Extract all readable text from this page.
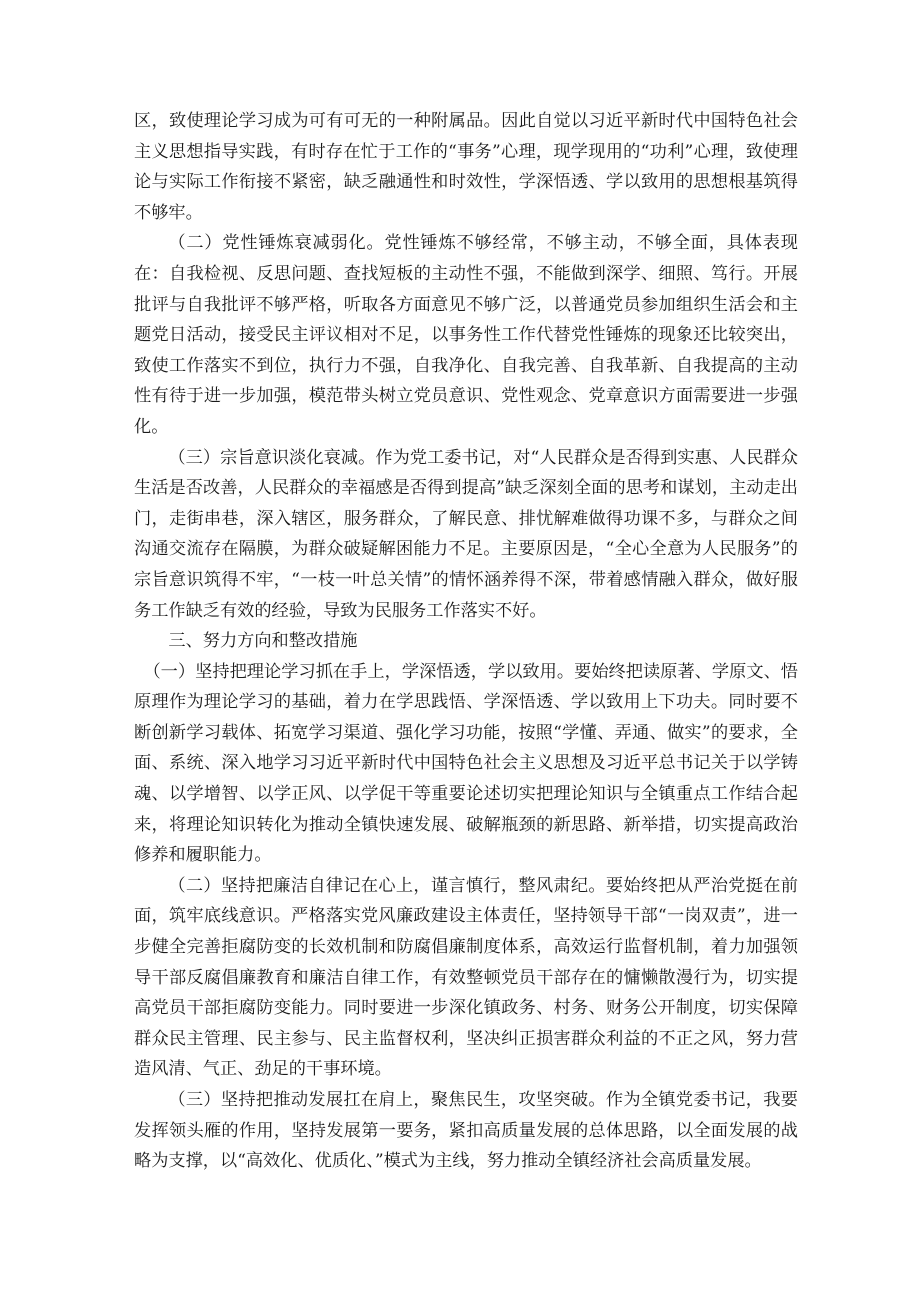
区，致使理论学习成为可有可无的一种附属品。因此自觉以习近平新时代中国特色社会主义思想指导实践，有时存在忙于工作的“事务”心理，现学现用的“功利”心理，致使理论与实际工作衔接不紧密，缺乏融通性和时效性，学深悟透、学以致用的思想根基筑得不够牢。

（二）党性锤炼衰减弱化。党性锤炼不够经常，不够主动，不够全面，具体表现在：自我检视、反思问题、查找短板的主动性不强，不能做到深学、细照、笃行。开展批评与自我批评不够严格，听取各方面意见不够广泛，以普通党员参加组织生活会和主题党日活动，接受民主评议相对不足，以事务性工作代替党性锤炼的现象还比较突出，致使工作落实不到位，执行力不强，自我净化、自我完善、自我革新、自我提高的主动性有待于进一步加强，模范带头树立党员意识、党性观念、党章意识方面需要进一步强化。

（三）宗旨意识淡化衰减。作为党工委书记，对“人民群众是否得到实惠、人民群众生活是否改善，人民群众的幸福感是否得到提高”缺乏深刻全面的思考和谋划，主动走出门，走街串巷，深入辖区，服务群众，了解民意、排忧解难做得功课不多，与群众之间沟通交流存在隔膜，为群众破疑解困能力不足。主要原因是，“全心全意为人民服务”的宗旨意识筑得不牢，“一枝一叶总关情”的情怀涵养得不深，带着感情融入群众，做好服务工作缺乏有效的经验，导致为民服务工作落实不好。

三、努力方向和整改措施

（一）坚持把理论学习抓在手上，学深悟透，学以致用。要始终把读原著、学原文、悟原理作为理论学习的基础，着力在学思践悟、学深悟透、学以致用上下功夫。同时要不断创新学习载体、拓宽学习渠道、强化学习功能，按照“学懂、弄通、做实”的要求，全面、系统、深入地学习习近平新时代中国特色社会主义思想及习近平总书记关于以学铸魂、以学增智、以学正风、以学促干等重要论述切实把理论知识与全镇重点工作结合起来，将理论知识转化为推动全镇快速发展、破解瓶颈的新思路、新举措，切实提高政治修养和履职能力。

（二）坚持把廉洁自律记在心上，谨言慎行，整风肃纪。要始终把从严治党挺在前面，筑牢底线意识。严格落实党风廉政建设主体责任，坚持领导干部“一岗双责”，进一步健全完善拒腐防变的长效机制和防腐倡廉制度体系，高效运行监督机制，着力加强领导干部反腐倡廉教育和廉洁自律工作，有效整顿党员干部存在的慵懒散漫行为，切实提高党员干部拒腐防变能力。同时要进一步深化镇政务、村务、财务公开制度，切实保障群众民主管理、民主参与、民主监督权利，坚决纠正损害群众利益的不正之风，努力营造风清、气正、劲足的干事环境。

（三）坚持把推动发展扛在肩上，聚焦民生，攻坚突破。作为全镇党委书记，我要发挥领头雁的作用，坚持发展第一要务，紧扣高质量发展的总体思路，以全面发展的战略为支撑，以“高效化、优质化、”模式为主线，努力推动全镇经济社会高质量发展。
